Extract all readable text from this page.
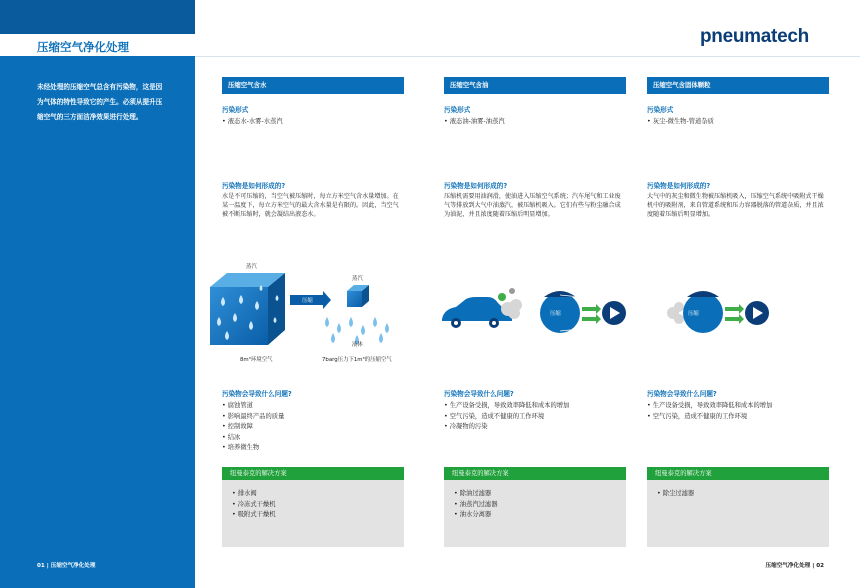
压缩空气净化处理	pneumatech
未经处理的压缩空气总含有污染物，这是因为气体的特性导致它的产生。必须从提升压缩空气的三方面洁净效果进行处理。
01 | 压缩空气净化处理	压缩空气净化处理 | 02
压缩空气含水
污染形式
• 液态水-水雾-水蒸汽
污染物是如何形成的?
水是不可压缩的，当空气被压缩时，每立方米空气含水量增加。在某一温度下，每立方米空气的最大含水量是有限的。因此，当空气被不断压缩时，就会凝结出液态水。
污染物会导致什么问题?
• 腐蚀管道
• 影响最终产品的质量
• 控制故障
• 结冰
• 培养微生物
纽曼泰克的解决方案
• 排水阀
• 冷冻式干燥机
• 吸附式干燥机
压缩空气含油
污染形式
• 液态油-油雾-油蒸汽
污染物是如何形成的?
压缩机需要用油润滑，使油进入压缩空气系统；汽车尾气和工业废气等排放到大气中油蒸汽，被压缩机吸入。它们有些与粉尘融合成为油泥，并且浓度随着压缩后明显增加。
污染物会导致什么问题?
• 生产设备受损，导致效率降低和成本的增加
• 空气污染，造成不健康的工作环境
• 冷凝物的污染
纽曼泰克的解决方案
• 除油过滤器
• 油蒸汽过滤器
• 油水分离器
压缩空气含固体颗粒
污染形式
• 灰尘-微生物-管道杂质
污染物是如何形成的?
大气中的灰尘和微生物被压缩机吸入，压缩空气系统中吸附式干燥机中的吸附剂，来自管道系统和压力容器脱落的管道杂质，并且浓度随着压缩后明显增加。
污染物会导致什么问题?
• 生产设备受损，导致效率降低和成本的增加
• 空气污染，造成不健康的工作环境
纽曼泰克的解决方案
• 除尘过滤器
蒸汽
蒸汽
压缩
液体
8m³环境空气	7barg压力下1m³的压缩空气
压缩	压缩
